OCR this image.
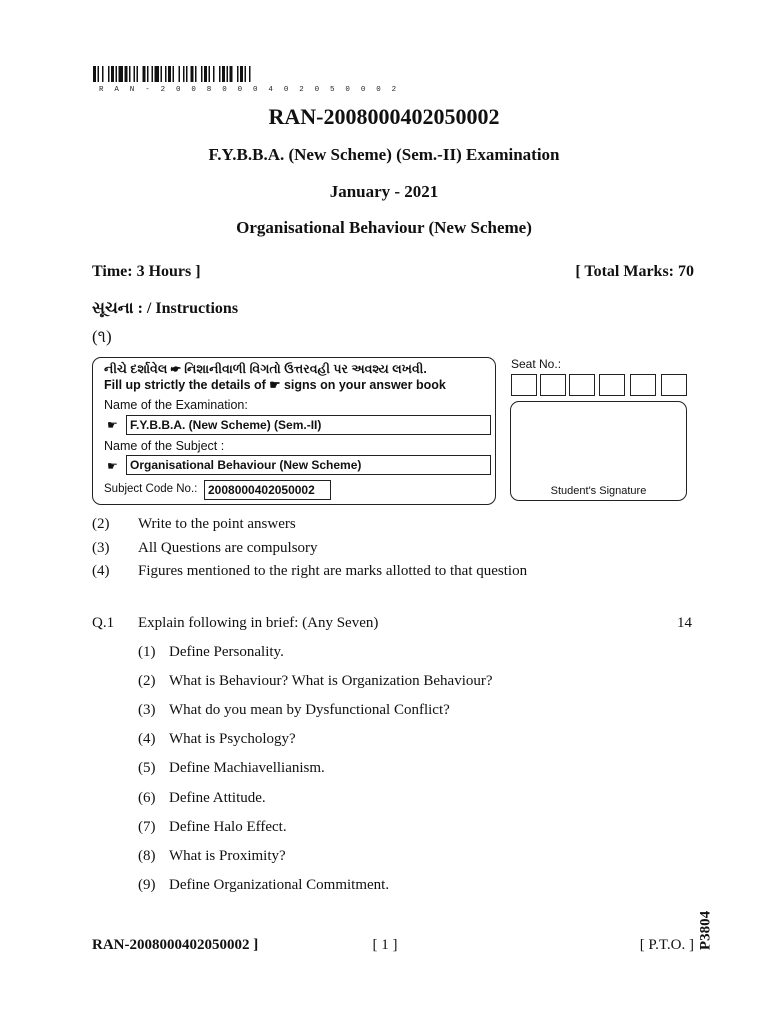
R A N - 2 0 0 8 0 0 0 4 0 2 0 5 0 0 0 2
RAN-2008000402050002
F.Y.B.B.A. (New Scheme) (Sem.-II) Examination
January - 2021
Organisational Behaviour (New Scheme)
Time: 3 Hours ]	[ Total Marks: 70
સૂચના : / Instructions
(૧)
નીચે દર્શાવેલ ☛ નિશાનીવાળી વિગતો ઉત્તરવહી પર અવશ્ય લખવી.
Fill up strictly the details of ☛ signs on your answer book
Name of the Examination:
☛	F.Y.B.B.A. (New Scheme) (Sem.-II)
Name of the Subject :
☛	Organisational Behaviour (New Scheme)
Subject Code No.: 2008000402050002
Seat No.:
Student's Signature
(2) Write to the point answers
(3) All Questions are compulsory
(4) Figures mentioned to the right are marks allotted to that question
Q.1 Explain following in brief: (Any Seven)	14
(1) Define Personality.
(2) What is Behaviour? What is Organization Behaviour?
(3) What do you mean by Dysfunctional Conflict?
(4) What is Psychology?
(5) Define Machiavellianism.
(6) Define Attitude.
(7) Define Halo Effect.
(8) What is Proximity?
(9) Define Organizational Commitment.
RAN-2008000402050002 ]	[ 1 ]	[ P.T.O. ] P3804
